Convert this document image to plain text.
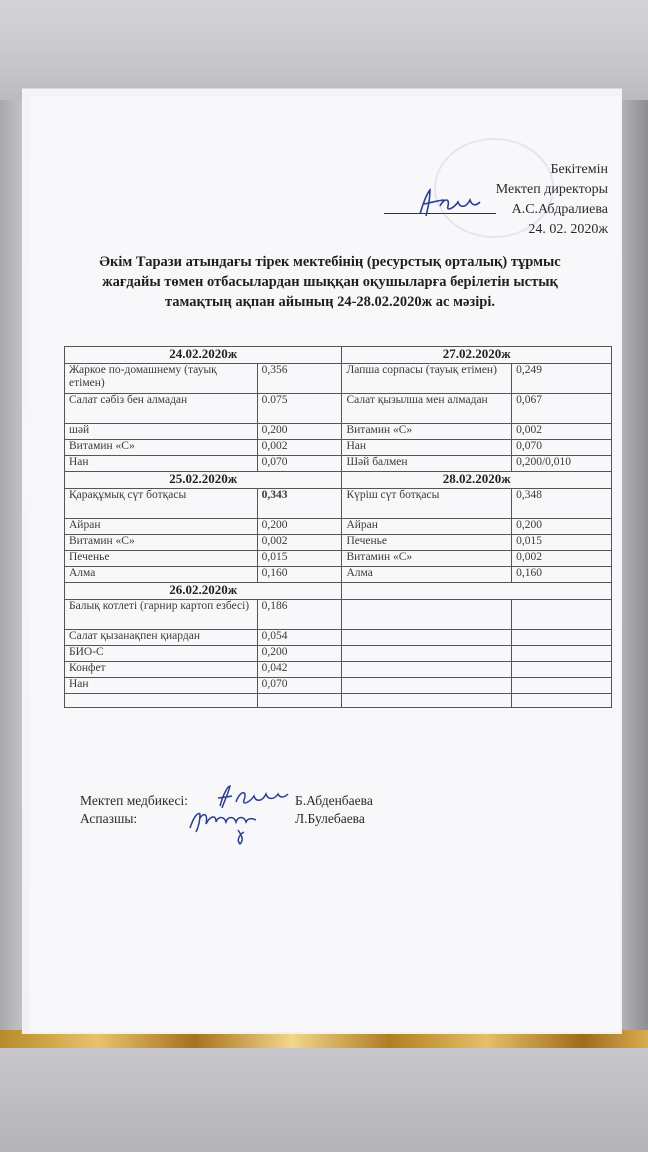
Бекітемін
Мектеп директоры
А.С.Абдралиева
24. 02. 2020ж
Әкім Тарази атындағы тірек мектебінің (ресурстық орталық) тұрмыс жағдайы төмен отбасылардан шыққан оқушыларға берілетін ыстық тамақтың ақпан айының 24-28.02.2020ж ас мәзірі.
24.02.2020ж		27.02.2020ж	
Жаркое по-домашнему (тауық етімен)	0,356	Лапша сорпасы (тауық етімен)	0,249
Салат сәбіз бен алмадан	0.075	Салат қызылша мен алмадан	0,067
шәй	0,200	Витамин «С»	0,002
Витамин «С»	0,002	Нан	0,070
Нан	0,070	Шәй балмен	0,200/0,010
25.02.2020ж		28.02.2020ж	
Қарақұмық сүт ботқасы	0,343	Күріш сүт ботқасы	0,348
Айран	0,200	Айран	0,200
Витамин «С»	0,002	Печенье	0,015
Печенье	0,015	Витамин «С»	0,002
Алма	0,160	Алма	0,160
26.02.2020ж			
Балық котлеті (гарнир картоп езбесі)	0,186		
Салат қызанақпен қиардан	0,054		
БИО-С	0,200		
Конфет	0,042		
Нан	0,070		

Мектеп медбикесі:	Б.Абденбаева
Аспазшы:	Л.Булебаева
